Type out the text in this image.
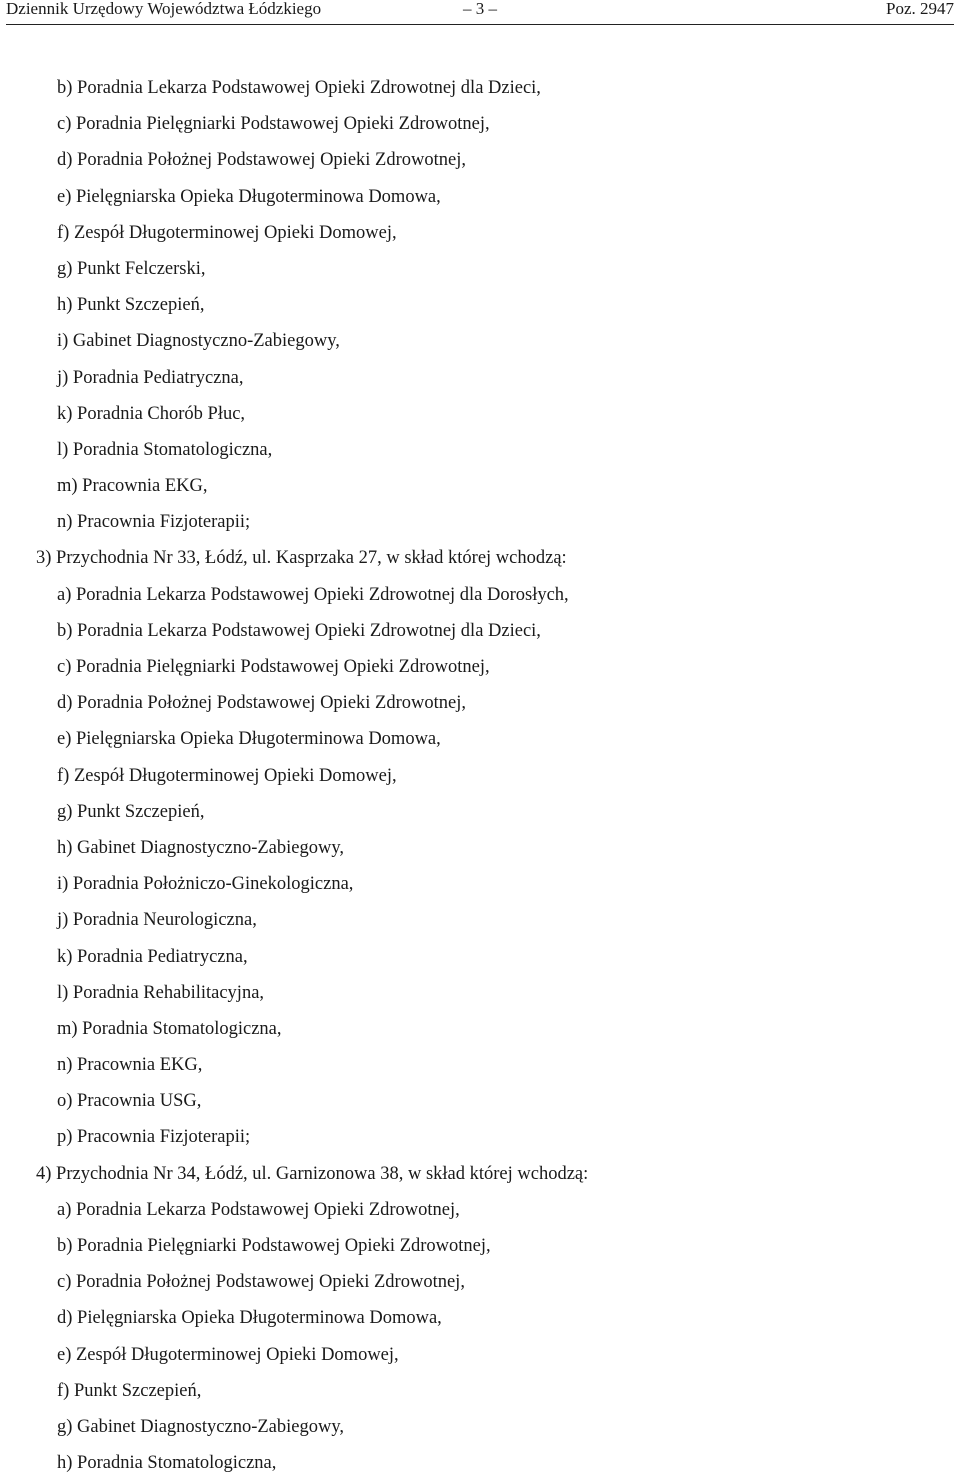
Dziennik Urzędowy Województwa Łódzkiego	– 3 –	Poz. 2947
b) Poradnia Lekarza Podstawowej Opieki Zdrowotnej dla Dzieci,
c) Poradnia Pielęgniarki Podstawowej Opieki Zdrowotnej,
d) Poradnia Położnej Podstawowej Opieki Zdrowotnej,
e) Pielęgniarska Opieka Długoterminowa Domowa,
f) Zespół Długoterminowej Opieki Domowej,
g) Punkt Felczerski,
h) Punkt Szczepień,
i) Gabinet Diagnostyczno-Zabiegowy,
j) Poradnia Pediatryczna,
k) Poradnia Chorób Płuc,
l) Poradnia Stomatologiczna,
m) Pracownia EKG,
n) Pracownia Fizjoterapii;
3) Przychodnia Nr 33, Łódź, ul. Kasprzaka 27, w skład której wchodzą:
a) Poradnia Lekarza Podstawowej Opieki Zdrowotnej dla Dorosłych,
b) Poradnia Lekarza Podstawowej Opieki Zdrowotnej dla Dzieci,
c) Poradnia Pielęgniarki Podstawowej Opieki Zdrowotnej,
d) Poradnia Położnej Podstawowej Opieki Zdrowotnej,
e) Pielęgniarska Opieka Długoterminowa Domowa,
f) Zespół Długoterminowej Opieki Domowej,
g) Punkt Szczepień,
h) Gabinet Diagnostyczno-Zabiegowy,
i) Poradnia Położniczo-Ginekologiczna,
j) Poradnia Neurologiczna,
k) Poradnia Pediatryczna,
l) Poradnia Rehabilitacyjna,
m) Poradnia Stomatologiczna,
n) Pracownia EKG,
o) Pracownia USG,
p) Pracownia Fizjoterapii;
4) Przychodnia Nr 34, Łódź, ul. Garnizonowa 38, w skład której wchodzą:
a) Poradnia Lekarza Podstawowej Opieki Zdrowotnej,
b) Poradnia Pielęgniarki Podstawowej Opieki Zdrowotnej,
c) Poradnia Położnej Podstawowej Opieki Zdrowotnej,
d) Pielęgniarska Opieka Długoterminowa Domowa,
e) Zespół Długoterminowej Opieki Domowej,
f) Punkt Szczepień,
g) Gabinet Diagnostyczno-Zabiegowy,
h) Poradnia Stomatologiczna,
